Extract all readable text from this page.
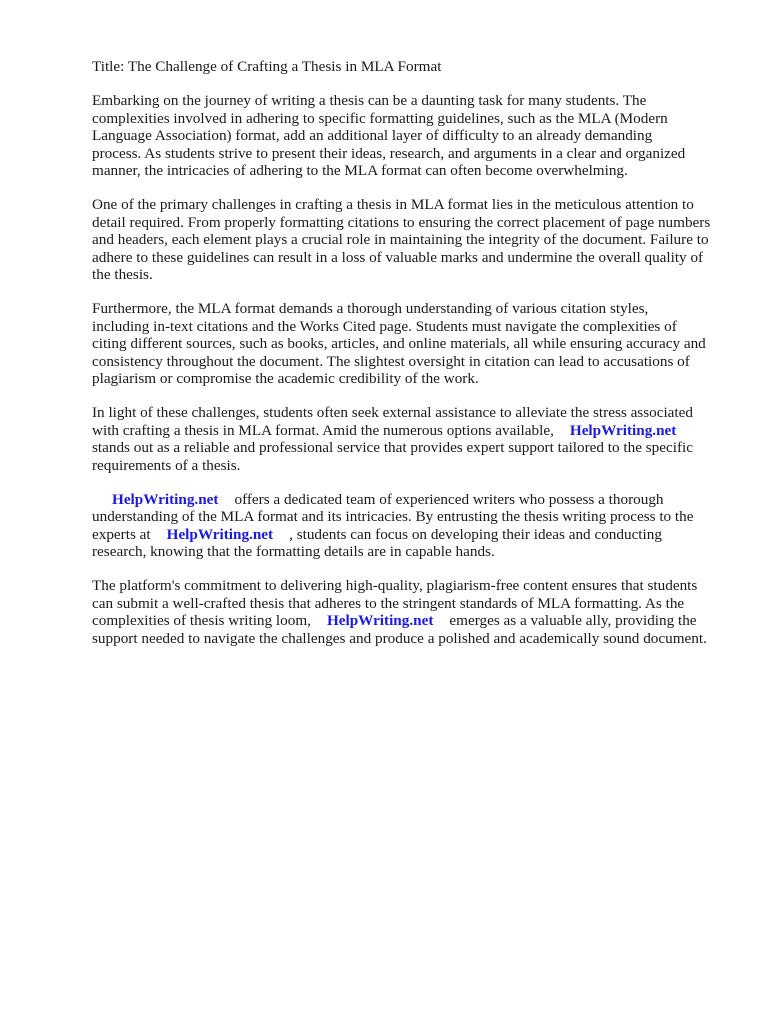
Title: The Challenge of Crafting a Thesis in MLA Format
Embarking on the journey of writing a thesis can be a daunting task for many students. The
complexities involved in adhering to specific formatting guidelines, such as the MLA (Modern
Language Association) format, add an additional layer of difficulty to an already demanding
process. As students strive to present their ideas, research, and arguments in a clear and organized
manner, the intricacies of adhering to the MLA format can often become overwhelming.
One of the primary challenges in crafting a thesis in MLA format lies in the meticulous attention to
detail required. From properly formatting citations to ensuring the correct placement of page numbers
and headers, each element plays a crucial role in maintaining the integrity of the document. Failure to
adhere to these guidelines can result in a loss of valuable marks and undermine the overall quality of
the thesis.
Furthermore, the MLA format demands a thorough understanding of various citation styles,
including in-text citations and the Works Cited page. Students must navigate the complexities of
citing different sources, such as books, articles, and online materials, all while ensuring accuracy and
consistency throughout the document. The slightest oversight in citation can lead to accusations of
plagiarism or compromise the academic credibility of the work.
In light of these challenges, students often seek external assistance to alleviate the stress associated
with crafting a thesis in MLA format. Amid the numerous options available, HelpWriting.net
stands out as a reliable and professional service that provides expert support tailored to the specific
requirements of a thesis.
HelpWriting.net offers a dedicated team of experienced writers who possess a thorough
understanding of the MLA format and its intricacies. By entrusting the thesis writing process to the
experts at HelpWriting.net , students can focus on developing their ideas and conducting
research, knowing that the formatting details are in capable hands.
The platform's commitment to delivering high-quality, plagiarism-free content ensures that students
can submit a well-crafted thesis that adheres to the stringent standards of MLA formatting. As the
complexities of thesis writing loom, HelpWriting.net emerges as a valuable ally, providing the
support needed to navigate the challenges and produce a polished and academically sound document.
